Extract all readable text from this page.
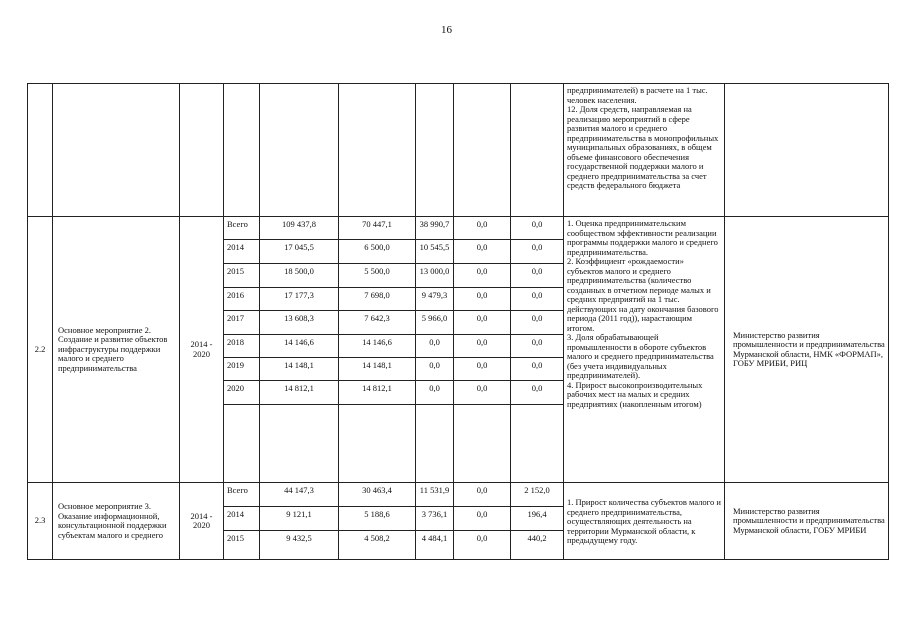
16
									предпринимателей) в расчете на 1 тыс. человек населения.
12. Доля средств, направляемая на реализацию мероприятий в сфере развития малого и среднего предпринимательства в монопрофильных муниципальных образованиях, в общем объеме финансового обеспечения государственной поддержки малого и среднего предпринимательства за счет средств федерального бюджета	
2.2	Основное мероприятие 2. Создание и развитие объектов инфраструктуры поддержки малого и среднего предпринимательства	2014 - 2020	Всего	109 437,8	70 447,1	38 990,7	0,0	0,0	1. Оценка предпринимательским сообществом эффективности реализации программы поддержки малого и среднего предпринимательства.
2. Коэффициент «рождаемости» субъектов малого и среднего предпринимательства (количество созданных в отчетном периоде малых и средних предприятий на 1 тыс. действующих на дату окончания базового периода (2011 год)), нарастающим итогом.
3. Доля обрабатывающей промышленности в обороте субъектов малого и среднего предпринимательства (без учета индивидуальных предпринимателей).
4. Прирост высокопроизводительных рабочих мест на малых и средних предприятиях (накопленным итогом)	Министерство развития промышленности и предпринимательства Мурманской области, НМК «ФОРМАП», ГОБУ МРИБИ, РИЦ
			2014	17 045,5	6 500,0	10 545,5	0,0	0,0		
			2015	18 500,0	5 500,0	13 000,0	0,0	0,0		
			2016	17 177,3	7 698,0	9 479,3	0,0	0,0		
			2017	13 608,3	7 642,3	5 966,0	0,0	0,0		
			2018	14 146,6	14 146,6	0,0	0,0	0,0		
			2019	14 148,1	14 148,1	0,0	0,0	0,0		
			2020	14 812,1	14 812,1	0,0	0,0	0,0		

2.3	Основное мероприятие 3. Оказание информационной, консультационной поддержки субъектам малого и среднего	2014 - 2020	Всего	44 147,3	30 463,4	11 531,9	0,0	2 152,0	1. Прирост количества субъектов малого и среднего предпринимательства, осуществляющих деятельность на территории Мурманской области, к предыдущему году.	Министерство развития промышленности и предпринимательства Мурманской области, ГОБУ МРИБИ
			2014	9 121,1	5 188,6	3 736,1	0,0	196,4		
			2015	9 432,5	4 508,2	4 484,1	0,0	440,2		
